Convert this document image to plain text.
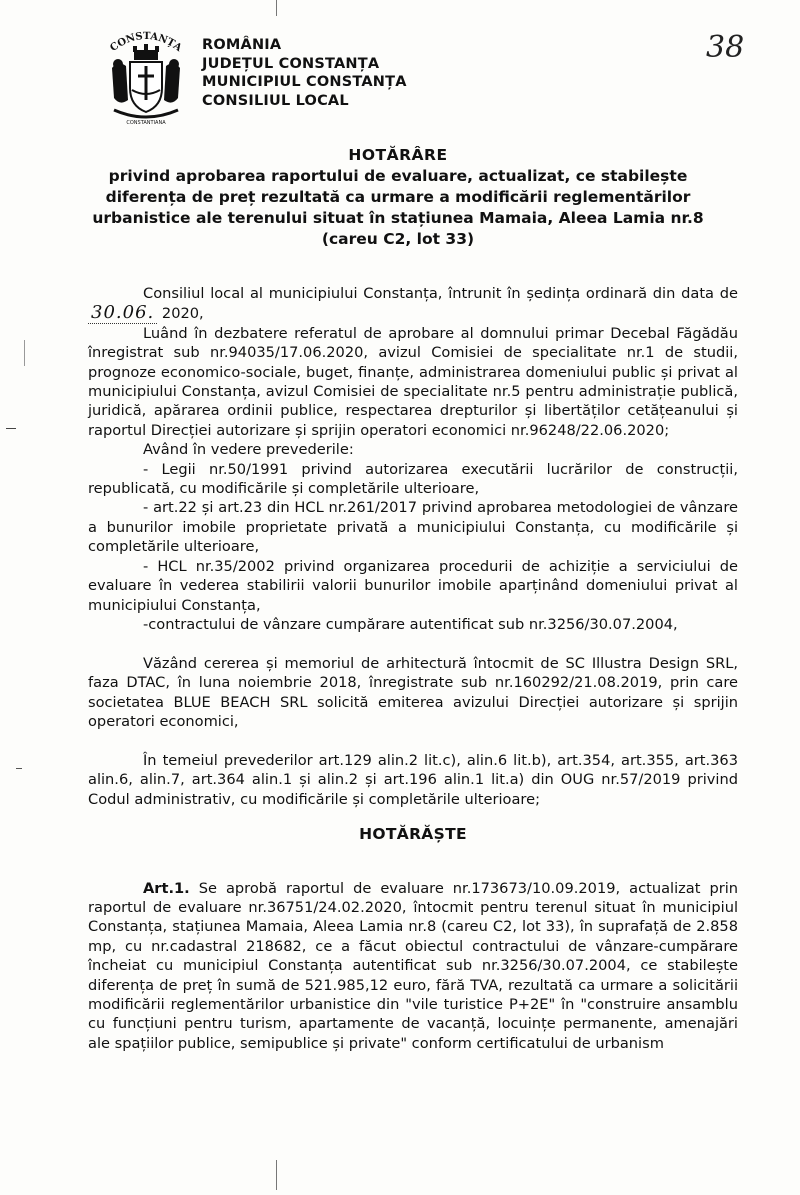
CONSTANȚA
CONSTANTIANA
ROMÂNIA
JUDEȚUL CONSTANȚA
MUNICIPIUL CONSTANȚA
CONSILIUL LOCAL
38
HOTĂRÂRE
privind aprobarea raportului de evaluare, actualizat, ce stabilește diferența de preț rezultată ca urmare a modificării reglementărilor urbanistice ale terenului situat în stațiunea Mamaia, Aleea Lamia nr.8 (careu C2, lot 33)

Consiliul local al municipiului Constanța, întrunit în ședința ordinară din data de 30.06. 2020,

Luând în dezbatere referatul de aprobare al domnului primar Decebal Făgădău înregistrat sub nr.94035/17.06.2020, avizul Comisiei de specialitate nr.1 de studii, prognoze economico-sociale, buget, finanțe, administrarea domeniului public și privat al municipiului Constanța, avizul Comisiei de specialitate nr.5 pentru administrație publică, juridică, apărarea ordinii publice, respectarea drepturilor și libertăților cetățeanului și raportul Direcției autorizare și sprijin operatori economici nr.96248/22.06.2020;

Având în vedere prevederile:

- Legii nr.50/1991 privind autorizarea executării lucrărilor de construcții, republicată, cu modificările și completările ulterioare,

- art.22 și art.23 din HCL nr.261/2017 privind aprobarea metodologiei de vânzare a bunurilor imobile proprietate privată a municipiului Constanța, cu modificările și completările ulterioare,

- HCL nr.35/2002 privind organizarea procedurii de achiziție a serviciului de evaluare în vederea stabilirii valorii bunurilor imobile aparținând domeniului privat al municipiului Constanța,

-contractului de vânzare cumpărare autentificat sub nr.3256/30.07.2004,

Văzând cererea și memoriul de arhitectură întocmit de SC Illustra Design SRL, faza DTAC, în luna noiembrie 2018, înregistrate sub nr.160292/21.08.2019, prin care societatea BLUE BEACH SRL solicită emiterea avizului Direcției autorizare și sprijin operatori economici,

În temeiul prevederilor art.129 alin.2 lit.c), alin.6 lit.b), art.354, art.355, art.363 alin.6, alin.7, art.364 alin.1 și alin.2 și art.196 alin.1 lit.a) din OUG nr.57/2019 privind Codul administrativ, cu modificările și completările ulterioare;

HOTĂRĂȘTE

Art.1. Se aprobă raportul de evaluare nr.173673/10.09.2019, actualizat prin raportul de evaluare nr.36751/24.02.2020, întocmit pentru terenul situat în municipiul Constanța, stațiunea Mamaia, Aleea Lamia nr.8 (careu C2, lot 33), în suprafață de 2.858 mp, cu nr.cadastral 218682, ce a făcut obiectul contractului de vânzare-cumpărare încheiat cu municipiul Constanța autentificat sub nr.3256/30.07.2004, ce stabilește diferența de preț în sumă de 521.985,12 euro, fără TVA, rezultată ca urmare a solicitării modificării reglementărilor urbanistice din "vile turistice P+2E" în "construire ansamblu cu funcțiuni pentru turism, apartamente de vacanță, locuințe permanente, amenajări ale spațiilor publice, semipublice și private" conform certificatului de urbanism
